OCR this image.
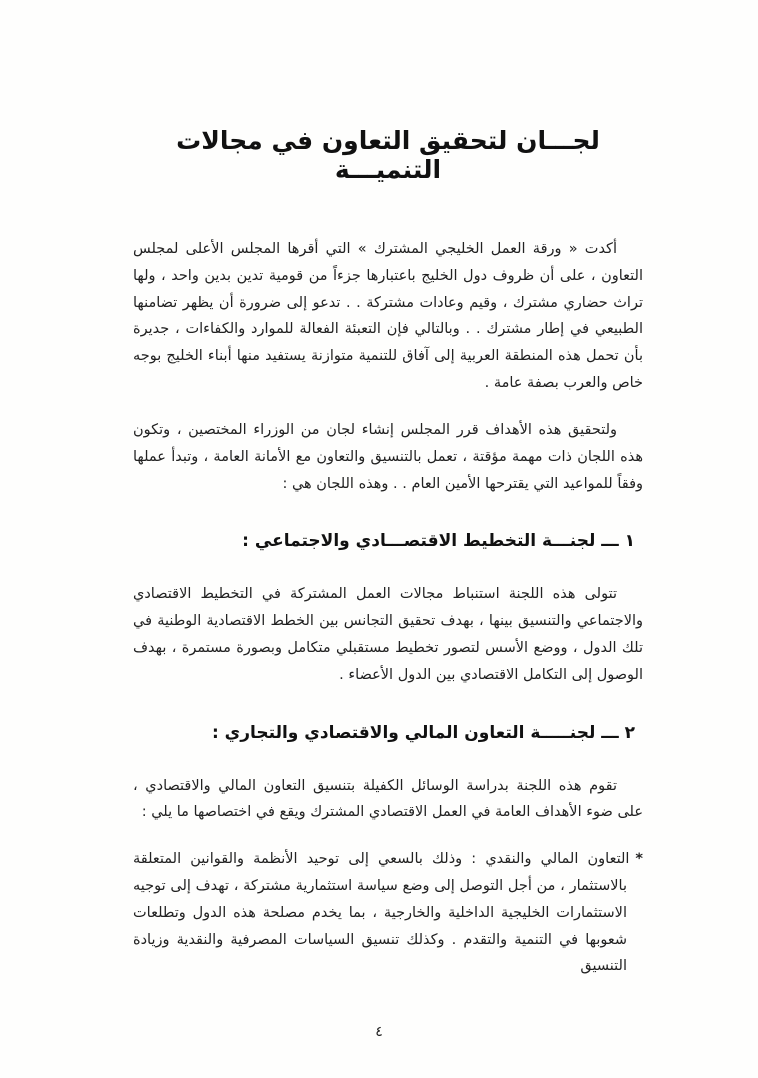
لجـــان لتحقيق التعاون في مجالات التنميـــة

أكدت « ورقة العمل الخليجي المشترك » التي أقرها المجلس الأعلى لمجلس التعاون ، على أن ظروف دول الخليج باعتبارها جزءاً من قومية تدين بدين واحد ، ولها تراث حضاري مشترك ، وقيم وعادات مشتركة . . تدعو إلى ضرورة أن يظهر تضامنها الطبيعي في إطار مشترك . . وبالتالي فإن التعبئة الفعالة للموارد والكفاءات ، جديرة بأن تحمل هذه المنطقة العربية إلى آفاق للتنمية متوازنة يستفيد منها أبناء الخليج بوجه خاص والعرب بصفة عامة .

ولتحقيق هذه الأهداف قرر المجلس إنشاء لجان من الوزراء المختصين ، وتكون هذه اللجان ذات مهمة مؤقتة ، تعمل بالتنسيق والتعاون مع الأمانة العامة ، وتبدأ عملها وفقاً للمواعيد التي يقترحها الأمين العام . . وهذه اللجان هي :

١ ـــ لجنـــة التخطيط الاقتصـــادي والاجتماعي :

تتولى هذه اللجنة استنباط مجالات العمل المشتركة في التخطيط الاقتصادي والاجتماعي والتنسيق بينها ، بهدف تحقيق التجانس بين الخطط الاقتصادية الوطنية في تلك الدول ، ووضع الأسس لتصور تخطيط مستقبلي متكامل وبصورة مستمرة ، بهدف الوصول إلى التكامل الاقتصادي بين الدول الأعضاء .

٢ ـــ لجنـــــة التعاون المالي والاقتصادي والتجاري :

تقوم هذه اللجنة بدراسة الوسائل الكفيلة بتنسيق التعاون المالي والاقتصادي ، على ضوء الأهداف العامة في العمل الاقتصادي المشترك ويقع في اختصاصها ما يلي :

*التعاون المالي والنقدي : وذلك بالسعي إلى توحيد الأنظمة والقوانين المتعلقة بالاستثمار ، من أجل التوصل إلى وضع سياسة استثمارية مشتركة ، تهدف إلى توجيه الاستثمارات الخليجية الداخلية والخارجية ، بما يخدم مصلحة هذه الدول وتطلعات شعوبها في التنمية والتقدم . وكذلك تنسيق السياسات المصرفية والنقدية وزيادة التنسيق

٤
